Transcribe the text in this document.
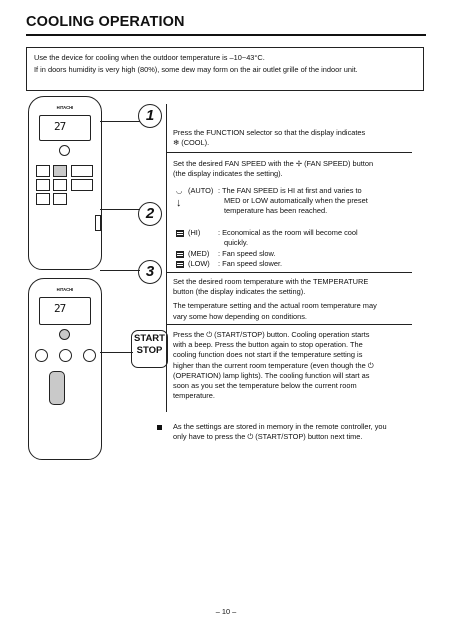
COOLING OPERATION
Use the device for cooling when the outdoor temperature is –10~43°C.
If in doors humidity is very high (80%), some dew may form on the air outlet grille of the indoor unit.
HITACHI
27
HITACHI
27
1
2
3
START
STOP
Press the FUNCTION selector so that the display indicates
❄ (COOL).
Set the desired FAN SPEED with the ✢ (FAN SPEED) button
(the display indicates the setting).
◡
↓
(AUTO) : The FAN SPEED is HI at first and varies to
MED or LOW automatically when the preset
temperature has been reached.
(HI) : Economical as the room will become cool
quickly.
(MED) : Fan speed slow.
(LOW) : Fan speed slower.
Set the desired room temperature with the TEMPERATURE
button (the display indicates the setting).
The temperature setting and the actual room temperature may
vary some how depending on conditions.
Press the ⏻ (START/STOP) button. Cooling operation starts
with a beep. Press the button again to stop operation. The
cooling function does not start if the temperature setting is
higher than the current room temperature (even though the ⏻
(OPERATION) lamp lights). The cooling function will start as
soon as you set the temperature below the current room
temperature.
As the settings are stored in memory in the remote controller, you
only have to press the ⏻ (START/STOP) button next time.
– 10 –
